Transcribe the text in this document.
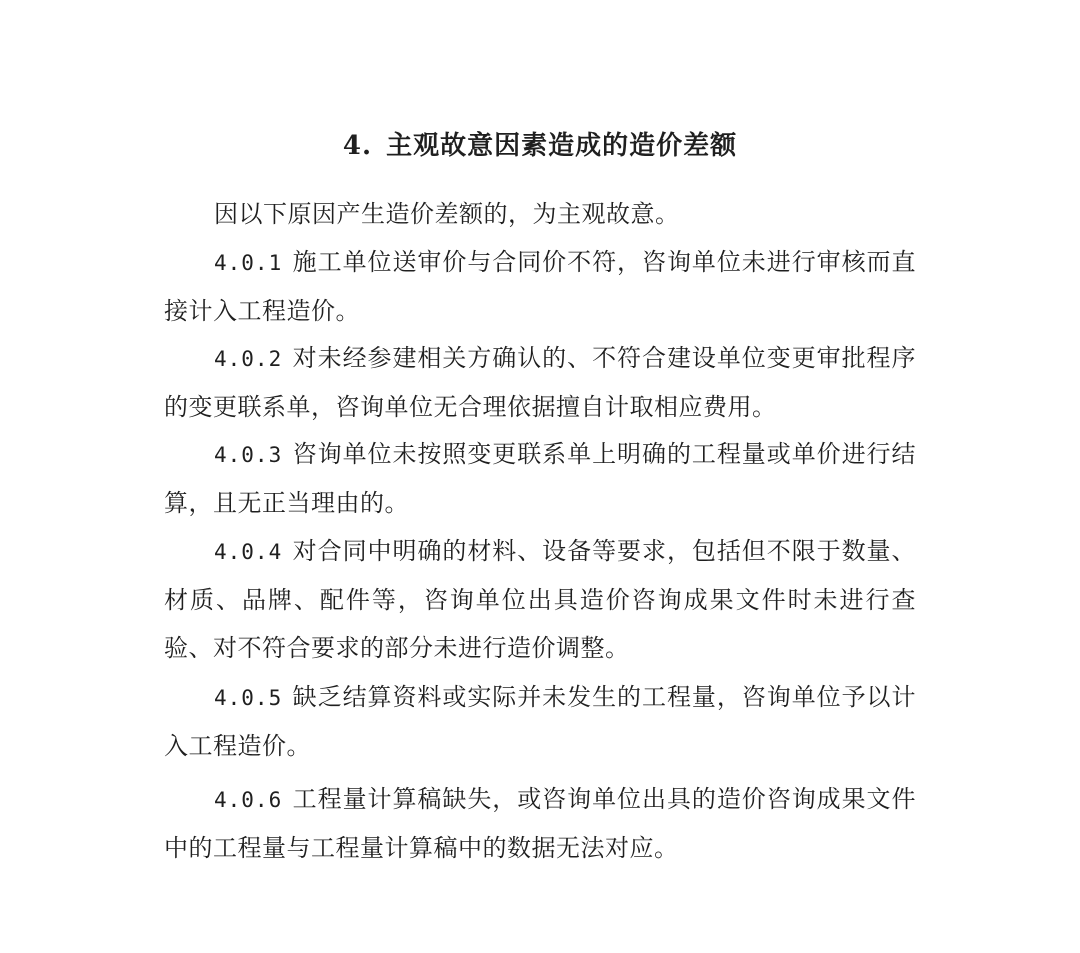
4. 主观故意因素造成的造价差额

因以下原因产生造价差额的，为主观故意。

4.0.1 施工单位送审价与合同价不符，咨询单位未进行审核而直接计入工程造价。

4.0.2 对未经参建相关方确认的、不符合建设单位变更审批程序的变更联系单，咨询单位无合理依据擅自计取相应费用。

4.0.3 咨询单位未按照变更联系单上明确的工程量或单价进行结算，且无正当理由的。

4.0.4 对合同中明确的材料、设备等要求，包括但不限于数量、材质、品牌、配件等，咨询单位出具造价咨询成果文件时未进行查验、对不符合要求的部分未进行造价调整。

4.0.5 缺乏结算资料或实际并未发生的工程量，咨询单位予以计入工程造价。

4.0.6 工程量计算稿缺失，或咨询单位出具的造价咨询成果文件中的工程量与工程量计算稿中的数据无法对应。
